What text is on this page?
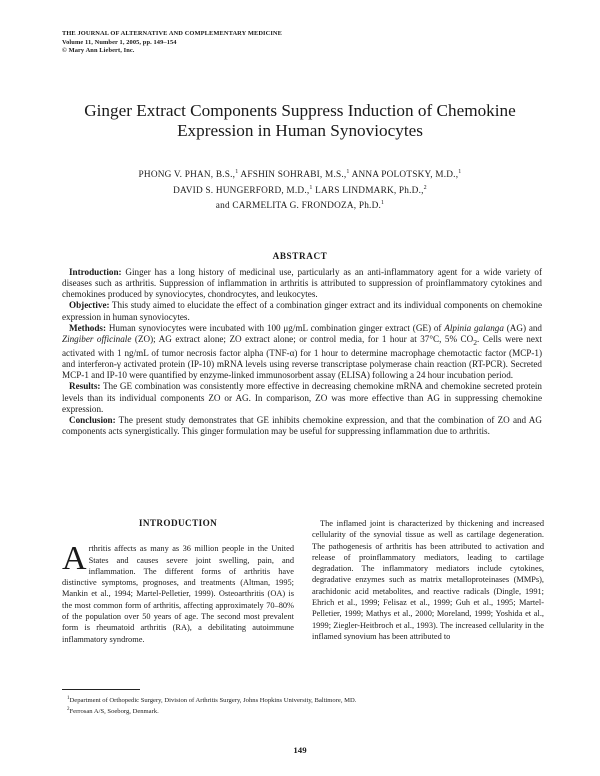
THE JOURNAL OF ALTERNATIVE AND COMPLEMENTARY MEDICINE
Volume 11, Number 1, 2005, pp. 149–154
© Mary Ann Liebert, Inc.
Ginger Extract Components Suppress Induction of Chemokine
Expression in Human Synoviocytes
PHONG V. PHAN, B.S.,$^1$ AFSHIN SOHRABI, M.S.,$^1$ ANNA POLOTSKY, M.D.,$^1$
DAVID S. HUNGERFORD, M.D.,$^1$ LARS LINDMARK, Ph.D.,$^2$
and CARMELITA G. FRONDOZA, Ph.D.$^1$
ABSTRACT

Introduction: Ginger has a long history of medicinal use, particularly as an anti-inflammatory agent for a wide variety of diseases such as arthritis. Suppression of inflammation in arthritis is attributed to suppression of proinflammatory cytokines and chemokines produced by synoviocytes, chondrocytes, and leukocytes.

Objective: This study aimed to elucidate the effect of a combination ginger extract and its individual components on chemokine expression in human synoviocytes.

Methods: Human synoviocytes were incubated with 100 μg/mL combination ginger extract (GE) of Alpinia galanga (AG) and Zingiber officinale (ZO); AG extract alone; ZO extract alone; or control media, for 1 hour at 37°C, 5% $CO_2$. Cells were next activated with 1 ng/mL of tumor necrosis factor alpha (TNF-α) for 1 hour to determine macrophage chemotactic factor (MCP-1) and interferon-γ activated protein (IP-10) mRNA levels using reverse transcriptase polymerase chain reaction (RT-PCR). Secreted MCP-1 and IP-10 were quantified by enzyme-linked immunosorbent assay (ELISA) following a 24 hour incubation period.

Results: The GE combination was consistently more effective in decreasing chemokine mRNA and chemokine secreted protein levels than its individual components ZO or AG. In comparison, ZO was more effective than AG in suppressing chemokine expression.

Conclusion: The present study demonstrates that GE inhibits chemokine expression, and that the combination of ZO and AG components acts synergistically. This ginger formulation may be useful for suppressing inflammation due to arthritis.

INTRODUCTION

Arthritis affects as many as 36 million people in the United States and causes severe joint swelling, pain, and inflammation. The different forms of arthritis have distinctive symptoms, prognoses, and treatments (Altman, 1995; Mankin et al., 1994; Martel-Pelletier, 1999). Osteoarthritis (OA) is the most common form of arthritis, affecting approximately 70–80% of the population over 50 years of age. The second most prevalent form is rheumatoid arthritis (RA), a debilitating autoimmune inflammatory syndrome.

The inflamed joint is characterized by thickening and increased cellularity of the synovial tissue as well as cartilage degeneration. The pathogenesis of arthritis has been attributed to activation and release of proinflammatory mediators, leading to cartilage degradation. The inflammatory mediators include cytokines, degradative enzymes such as matrix metalloproteinases (MMPs), arachidonic acid metabolites, and reactive radicals (Dingle, 1991; Ehrich et al., 1999; Felisaz et al., 1999; Guh et al., 1995; Martel-Pelletier, 1999; Mathys et al., 2000; Moreland, 1999; Yoshida et al., 1999; Ziegler-Heitbroch et al., 1993). The increased cellularity in the inflamed synovium has been attributed to

$^1$Department of Orthopedic Surgery, Division of Arthritis Surgery, Johns Hopkins University, Baltimore, MD.
$^2$Ferrosan A/S, Soeborg, Denmark.
149
